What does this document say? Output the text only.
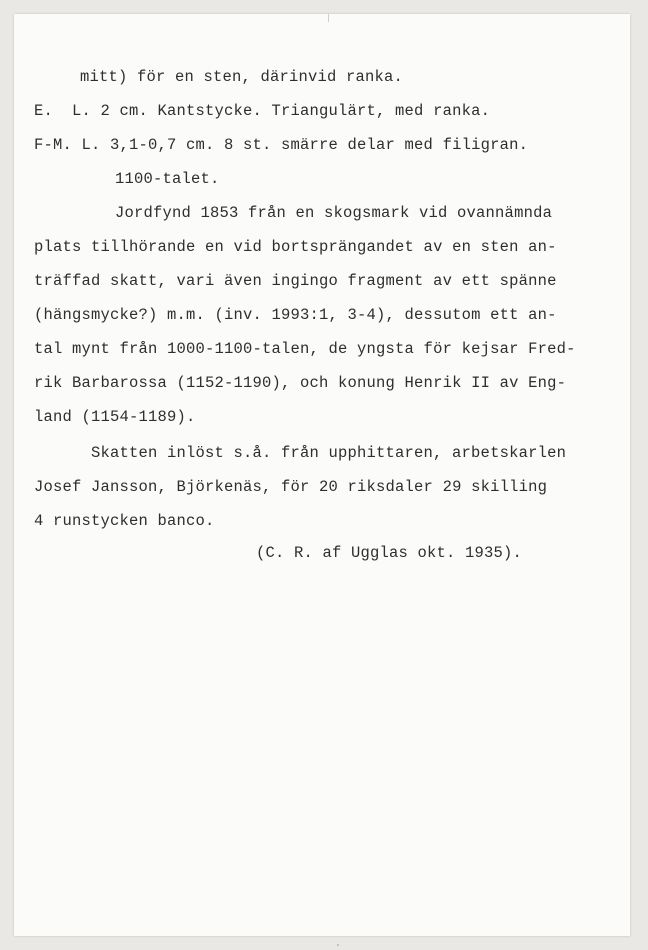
mitt) för en sten, därinvid ranka.
E.  L. 2 cm. Kantstycke. Triangulärt, med ranka.
F-M. L. 3,1-0,7 cm. 8 st. smärre delar med filigran.
1100-talet.
Jordfynd 1853 från en skogsmark vid ovannämnda
plats tillhörande en vid bortsprängandet av en sten an-
träffad skatt, vari även ingingo fragment av ett spänne
(hängsmycke?) m.m. (inv. 1993:1, 3-4), dessutom ett an-
tal mynt från 1000-1100-talen, de yngsta för kejsar Fred-
rik Barbarossa (1152-1190), och konung Henrik II av Eng-
land (1154-1189).
Skatten inlöst s.å. från upphittaren, arbetskarlen
Josef Jansson, Björkenäs, för 20 riksdaler 29 skilling
4 runstycken banco.
(C. R. af Ugglas okt. 1935).
